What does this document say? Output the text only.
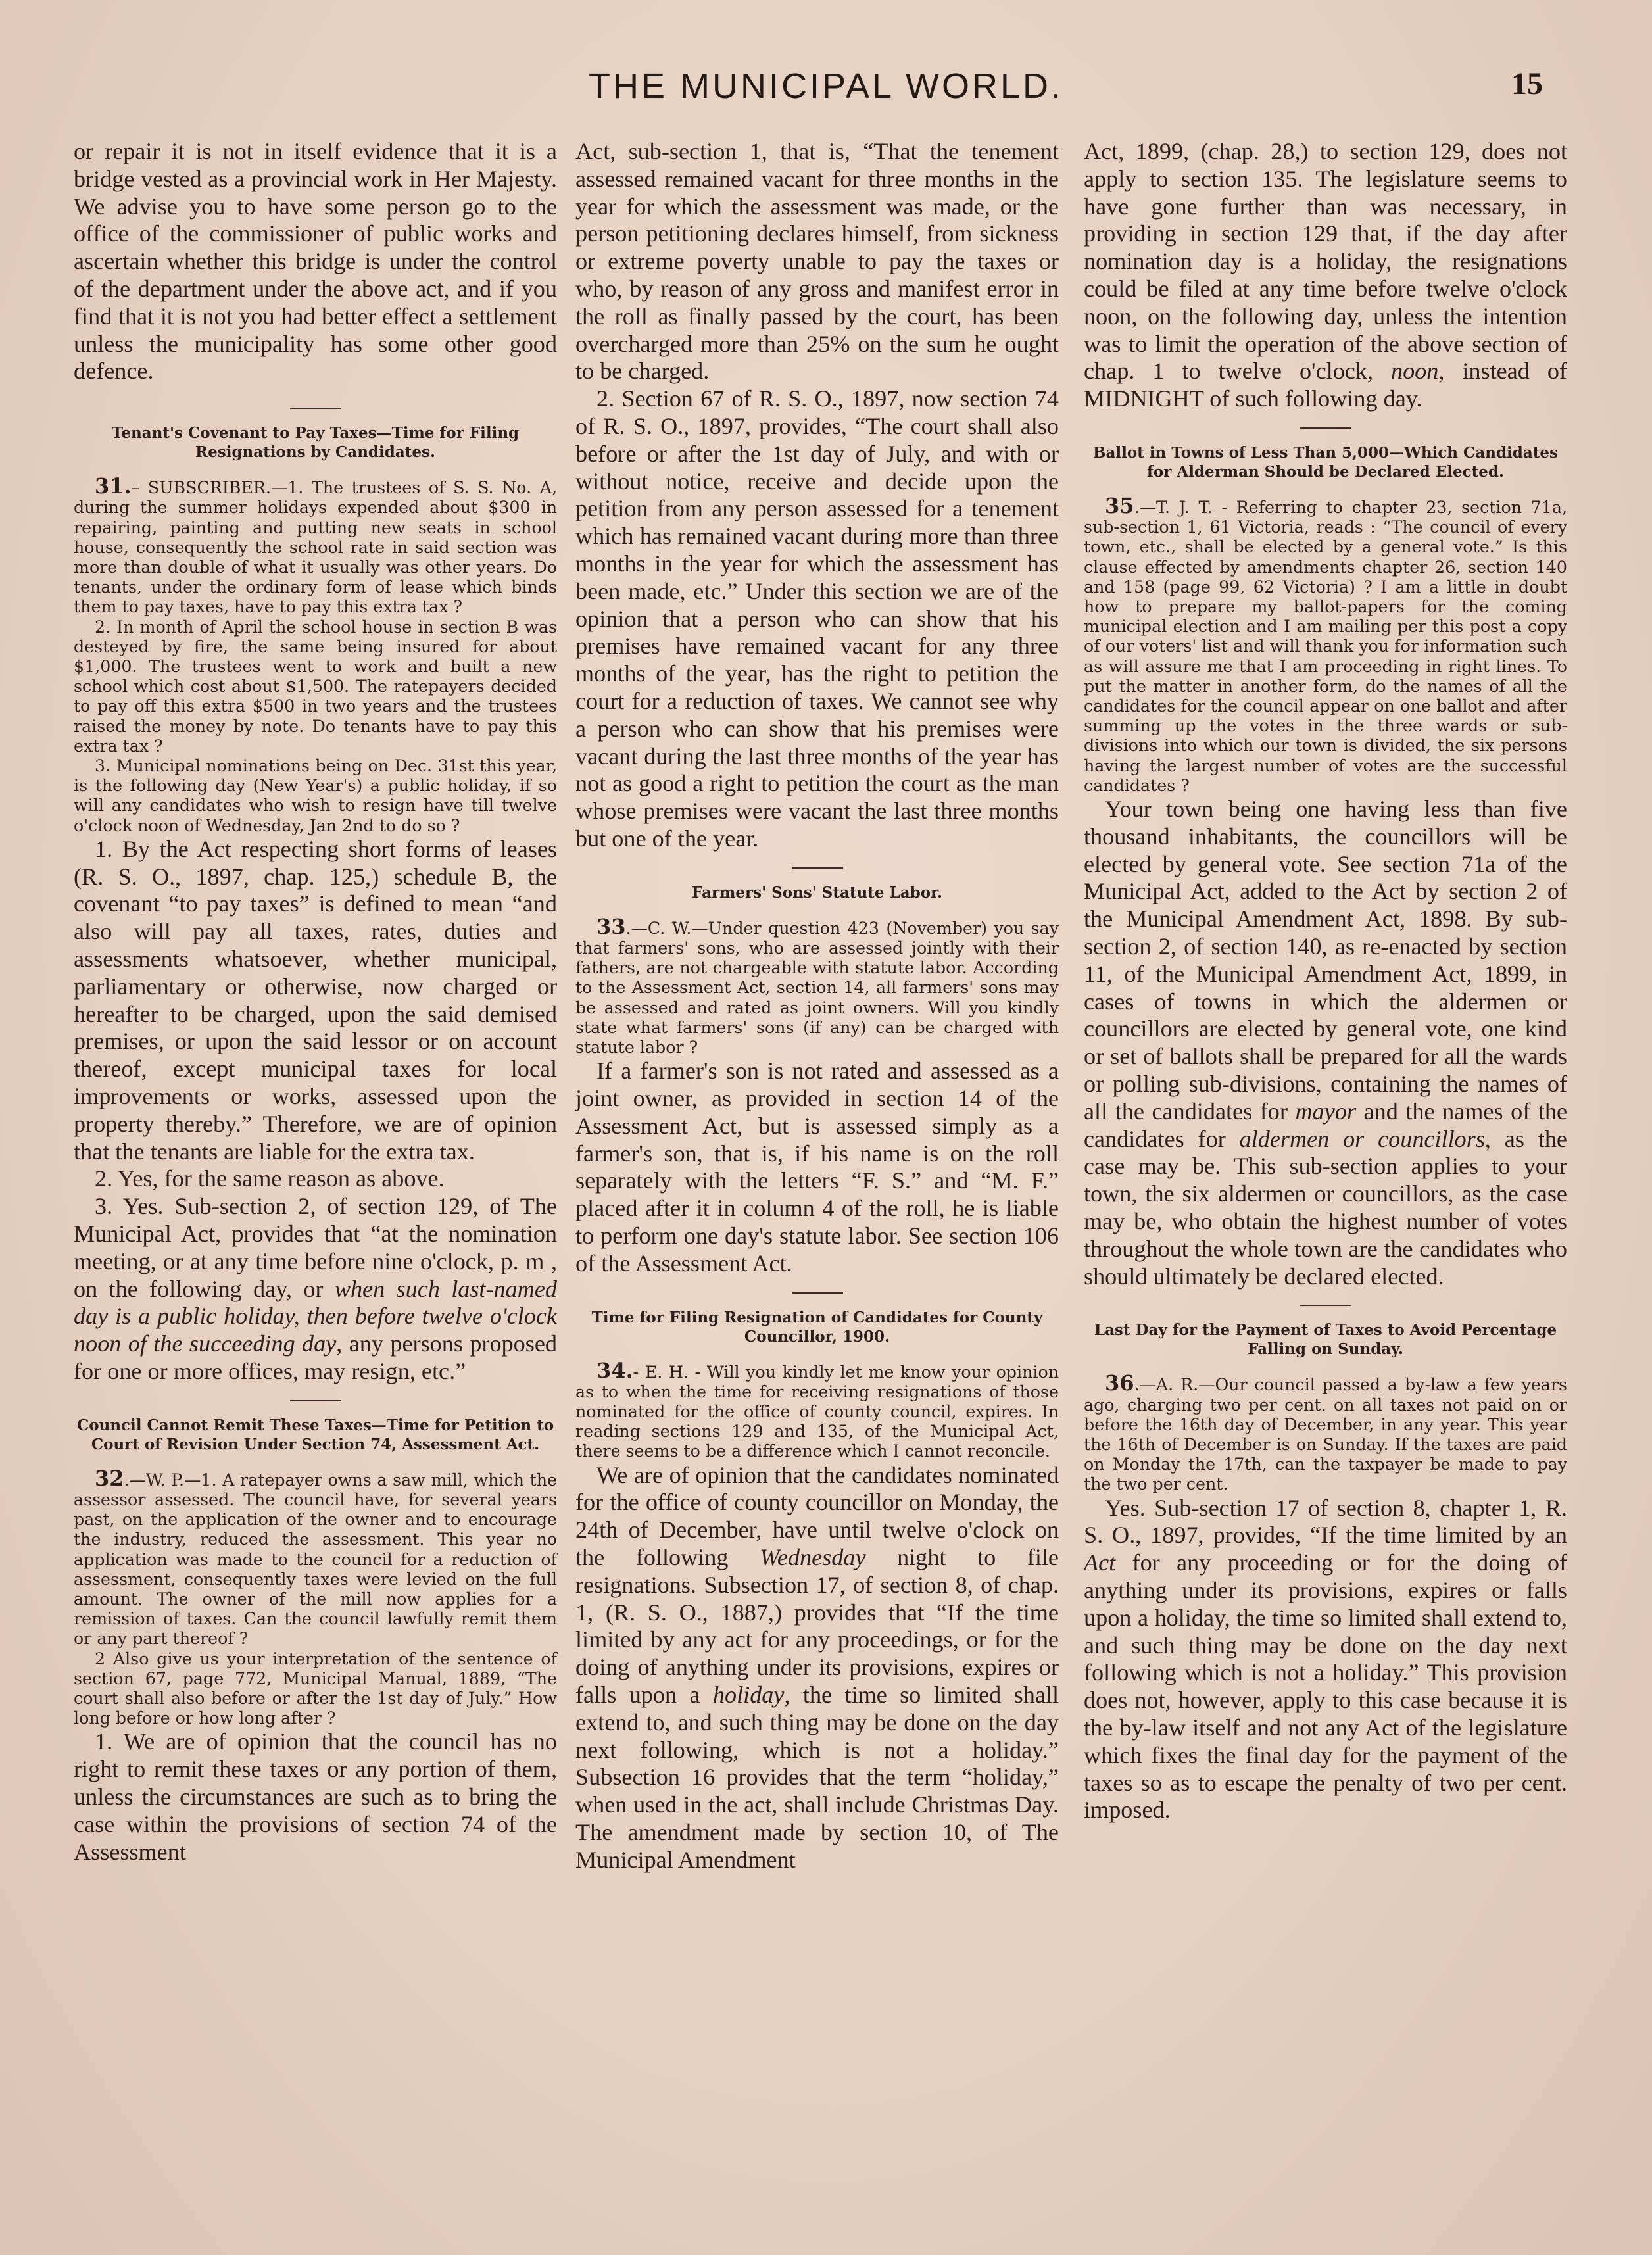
THE MUNICIPAL WORLD.	15

or repair it is not in itself evidence that it is a bridge vested as a provincial work in Her Majesty. We advise you to have some person go to the office of the commissioner of public works and ascertain whether this bridge is under the control of the department under the above act, and if you find that it is not you had better effect a settlement unless the municipality has some other good defence.

Tenant's Covenant to Pay Taxes—Time for Filing Resignations by Candidates.

31.– SUBSCRIBER.—1. The trustees of S. S. No. A, during the summer holidays expended about $300 in repairing, painting and putting new seats in school house, consequently the school rate in said section was more than double of what it usually was other years. Do tenants, under the ordinary form of lease which binds them to pay taxes, have to pay this extra tax ?

2. In month of April the school house in section B was desteyed by fire, the same being insured for about $1,000. The trustees went to work and built a new school which cost about $1,500. The ratepayers decided to pay off this extra $500 in two years and the trustees raised the money by note. Do tenants have to pay this extra tax ?

3. Municipal nominations being on Dec. 31st this year, is the following day (New Year's) a public holiday, if so will any candidates who wish to resign have till twelve o'clock noon of Wednesday, Jan 2nd to do so ?

1. By the Act respecting short forms of leases (R. S. O., 1897, chap. 125,) schedule B, the covenant “to pay taxes” is defined to mean “and also will pay all taxes, rates, duties and assessments whatsoever, whether municipal, parliamentary or otherwise, now charged or hereafter to be charged, upon the said demised premises, or upon the said lessor or on account thereof, except municipal taxes for local improvements or works, assessed upon the property thereby.” Therefore, we are of opinion that the tenants are liable for the extra tax.

2. Yes, for the same reason as above.

3. Yes. Sub-section 2, of section 129, of The Municipal Act, provides that “at the nomination meeting, or at any time before nine o'clock, p. m , on the following day, or when such last-named day is a public holiday, then before twelve o'clock noon of the succeeding day, any persons proposed for one or more offices, may resign, etc.”

Council Cannot Remit These Taxes—Time for Petition to Court of Revision Under Section 74, Assessment Act.

32.—W. P.—1. A ratepayer owns a saw mill, which the assessor assessed. The council have, for several years past, on the application of the owner and to encourage the industry, reduced the assessment. This year no application was made to the council for a reduction of assessment, consequently taxes were levied on the full amount. The owner of the mill now applies for a remission of taxes. Can the council lawfully remit them or any part thereof ?

2 Also give us your interpretation of the sentence of section 67, page 772, Municipal Manual, 1889, “The court shall also before or after the 1st day of July.” How long before or how long after ?

1. We are of opinion that the council has no right to remit these taxes or any portion of them, unless the circumstances are such as to bring the case within the provisions of section 74 of the Assessment

Act, sub-section 1, that is, “That the tenement assessed remained vacant for three months in the year for which the assessment was made, or the person petitioning declares himself, from sickness or extreme poverty unable to pay the taxes or who, by reason of any gross and manifest error in the roll as finally passed by the court, has been overcharged more than 25% on the sum he ought to be charged.

2. Section 67 of R. S. O., 1897, now section 74 of R. S. O., 1897, provides, “The court shall also before or after the 1st day of July, and with or without notice, receive and decide upon the petition from any person assessed for a tenement which has remained vacant during more than three months in the year for which the assessment has been made, etc.” Under this section we are of the opinion that a person who can show that his premises have remained vacant for any three months of the year, has the right to petition the court for a reduction of taxes. We cannot see why a person who can show that his premises were vacant during the last three months of the year has not as good a right to petition the court as the man whose premises were vacant the last three months but one of the year.

Farmers' Sons' Statute Labor.

33.—C. W.—Under question 423 (November) you say that farmers' sons, who are assessed jointly with their fathers, are not chargeable with statute labor. According to the Assessment Act, section 14, all farmers' sons may be assessed and rated as joint owners. Will you kindly state what farmers' sons (if any) can be charged with statute labor ?

If a farmer's son is not rated and assessed as a joint owner, as provided in section 14 of the Assessment Act, but is assessed simply as a farmer's son, that is, if his name is on the roll separately with the letters “F. S.” and “M. F.” placed after it in column 4 of the roll, he is liable to perform one day's statute labor. See section 106 of the Assessment Act.

Time for Filing Resignation of Candidates for County Councillor, 1900.

34.- E. H. - Will you kindly let me know your opinion as to when the time for receiving resignations of those nominated for the office of county council, expires. In reading sections 129 and 135, of the Municipal Act, there seems to be a difference which I cannot reconcile.

We are of opinion that the candidates nominated for the office of county councillor on Monday, the 24th of December, have until twelve o'clock on the following Wednesday night to file resignations. Subsection 17, of section 8, of chap. 1, (R. S. O., 1887,) provides that “If the time limited by any act for any proceedings, or for the doing of anything under its provisions, expires or falls upon a holiday, the time so limited shall extend to, and such thing may be done on the day next following, which is not a holiday.” Subsection 16 provides that the term “holiday,” when used in the act, shall include Christmas Day. The amendment made by section 10, of The Municipal Amendment

Act, 1899, (chap. 28,) to section 129, does not apply to section 135. The legislature seems to have gone further than was necessary, in providing in section 129 that, if the day after nomination day is a holiday, the resignations could be filed at any time before twelve o'clock noon, on the following day, unless the intention was to limit the operation of the above section of chap. 1 to twelve o'clock, noon, instead of MIDNIGHT of such following day.

Ballot in Towns of Less Than 5,000—Which Candidates for Alderman Should be Declared Elected.

35.—T. J. T. - Referring to chapter 23, section 71a, sub-section 1, 61 Victoria, reads : “The council of every town, etc., shall be elected by a general vote.” Is this clause effected by amendments chapter 26, section 140 and 158 (page 99, 62 Victoria) ? I am a little in doubt how to prepare my ballot-papers for the coming municipal election and I am mailing per this post a copy of our voters' list and will thank you for information such as will assure me that I am proceeding in right lines. To put the matter in another form, do the names of all the candidates for the council appear on one ballot and after summing up the votes in the three wards or sub-divisions into which our town is divided, the six persons having the largest number of votes are the successful candidates ?

Your town being one having less than five thousand inhabitants, the councillors will be elected by general vote. See section 71a of the Municipal Act, added to the Act by section 2 of the Municipal Amendment Act, 1898. By sub-section 2, of section 140, as re-enacted by section 11, of the Municipal Amendment Act, 1899, in cases of towns in which the aldermen or councillors are elected by general vote, one kind or set of ballots shall be prepared for all the wards or polling sub-divisions, containing the names of all the candidates for mayor and the names of the candidates for aldermen or councillors, as the case may be. This sub-section applies to your town, the six aldermen or councillors, as the case may be, who obtain the highest number of votes throughout the whole town are the candidates who should ultimately be declared elected.

Last Day for the Payment of Taxes to Avoid Percentage Falling on Sunday.

36.—A. R.—Our council passed a by-law a few years ago, charging two per cent. on all taxes not paid on or before the 16th day of December, in any year. This year the 16th of December is on Sunday. If the taxes are paid on Monday the 17th, can the taxpayer be made to pay the two per cent.

Yes. Sub-section 17 of section 8, chapter 1, R. S. O., 1897, provides, “If the time limited by an Act for any proceeding or for the doing of anything under its provisions, expires or falls upon a holiday, the time so limited shall extend to, and such thing may be done on the day next following which is not a holiday.” This provision does not, however, apply to this case because it is the by-law itself and not any Act of the legislature which fixes the final day for the payment of the taxes so as to escape the penalty of two per cent. imposed.
